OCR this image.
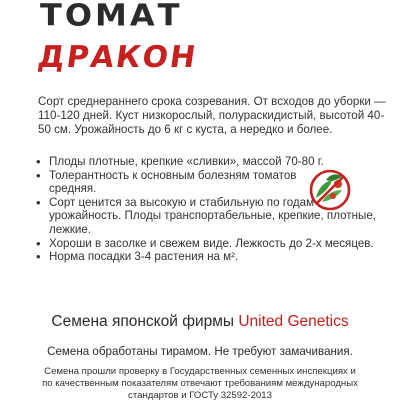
ТОМАТ
ДРАКОН

Сорт среднераннего срока созревания. От всходов до уборки — 110-120 дней. Куст низкорослый, полураскидистый, высотой 40-50 см. Урожайность до 6 кг с куста, а нередко и более.

• Плоды плотные, крепкие «сливки», массой 70-80 г.
• Толерантность к основным болезням томатов средняя.
• Сорт ценится за высокую и стабильную по годам урожайность. Плоды транспортабельные, крепкие, плотные, лежкие.
• Хороши в засолке и свежем виде. Лежкость до 2-х месяцев.
• Норма посадки 3-4 растения на м².

Семена японской фирмы United Genetics

Семена обработаны тирамом. Не требуют замачивания.

Семена прошли проверку в Государственных семенных инспекциях и по качественным показателям отвечают требованиям международных стандартов и ГОСТу 32592-2013
